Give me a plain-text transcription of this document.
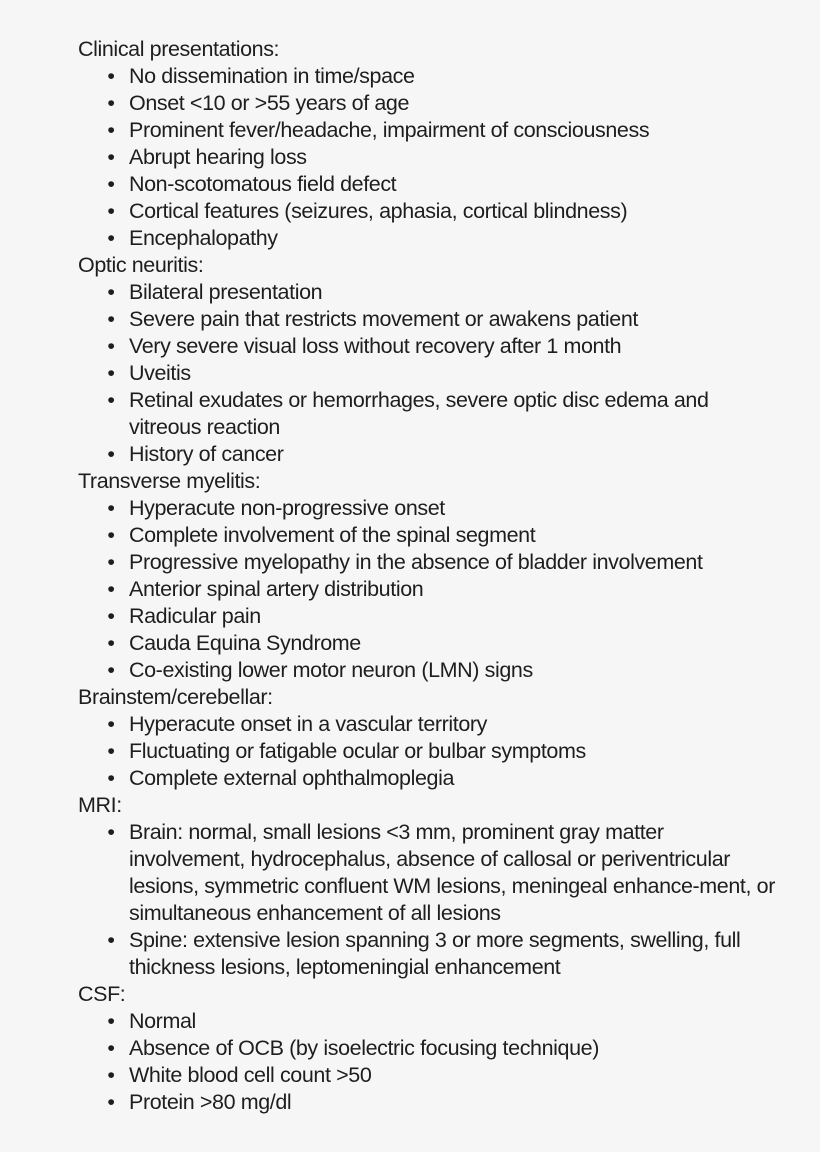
Clinical presentations:
• No dissemination in time/space
• Onset <10 or >55 years of age
• Prominent fever/headache, impairment of consciousness
• Abrupt hearing loss
• Non-scotomatous field defect
• Cortical features (seizures, aphasia, cortical blindness)
• Encephalopathy
Optic neuritis:
• Bilateral presentation
• Severe pain that restricts movement or awakens patient
• Very severe visual loss without recovery after 1 month
• Uveitis
• Retinal exudates or hemorrhages, severe optic disc edema and vitreous reaction
• History of cancer
Transverse myelitis:
• Hyperacute non-progressive onset
• Complete involvement of the spinal segment
• Progressive myelopathy in the absence of bladder involvement
• Anterior spinal artery distribution
• Radicular pain
• Cauda Equina Syndrome
• Co-existing lower motor neuron (LMN) signs
Brainstem/cerebellar:
• Hyperacute onset in a vascular territory
• Fluctuating or fatigable ocular or bulbar symptoms
• Complete external ophthalmoplegia
MRI:
• Brain: normal, small lesions <3 mm, prominent gray matter involvement, hydrocephalus, absence of callosal or periventricular lesions, symmetric confluent WM lesions, meningeal enhance-ment, or simultaneous enhancement of all lesions
• Spine: extensive lesion spanning 3 or more segments, swelling, full thickness lesions, leptomeningial enhancement
CSF:
• Normal
• Absence of OCB (by isoelectric focusing technique)
• White blood cell count >50
• Protein >80 mg/dl
